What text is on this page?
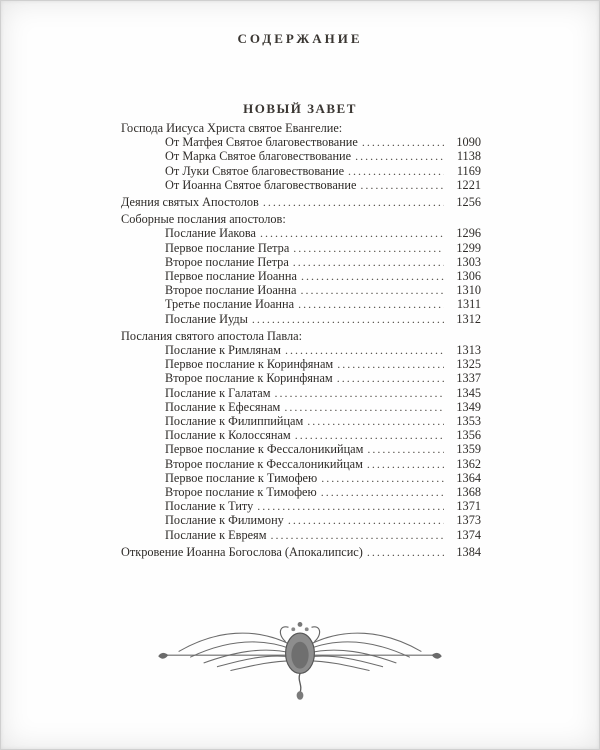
СОДЕРЖАНИЕ
НОВЫЙ ЗАВЕТ
Господа Иисуса Христа святое Евангелие:
От Матфея Святое благовествование .....	1090
От Марка Святое благовествование .....	1138
От Луки Святое благовествование .....	1169
От Иоанна Святое благовествование .....	1221
Деяния святых Апостолов .....	1256
Соборные послания апостолов:
Послание Иакова .....	1296
Первое послание Петра .....	1299
Второе послание Петра .....	1303
Первое послание Иоанна .....	1306
Второе послание Иоанна .....	1310
Третье послание Иоанна .....	1311
Послание Иуды .....	1312
Послания святого апостола Павла:
Послание к Римлянам .....	1313
Первое послание к Коринфянам .....	1325
Второе послание к Коринфянам .....	1337
Послание к Галатам .....	1345
Послание к Ефесянам .....	1349
Послание к Филиппийцам .....	1353
Послание к Колоссянам .....	1356
Первое послание к Фессалоникийцам .....	1359
Второе послание к Фессалоникийцам .....	1362
Первое послание к Тимофею .....	1364
Второе послание к Тимофею .....	1368
Послание к Титу .....	1371
Послание к Филимону .....	1373
Послание к Евреям .....	1374
Откровение Иоанна Богослова (Апокалипсис) .....	1384
